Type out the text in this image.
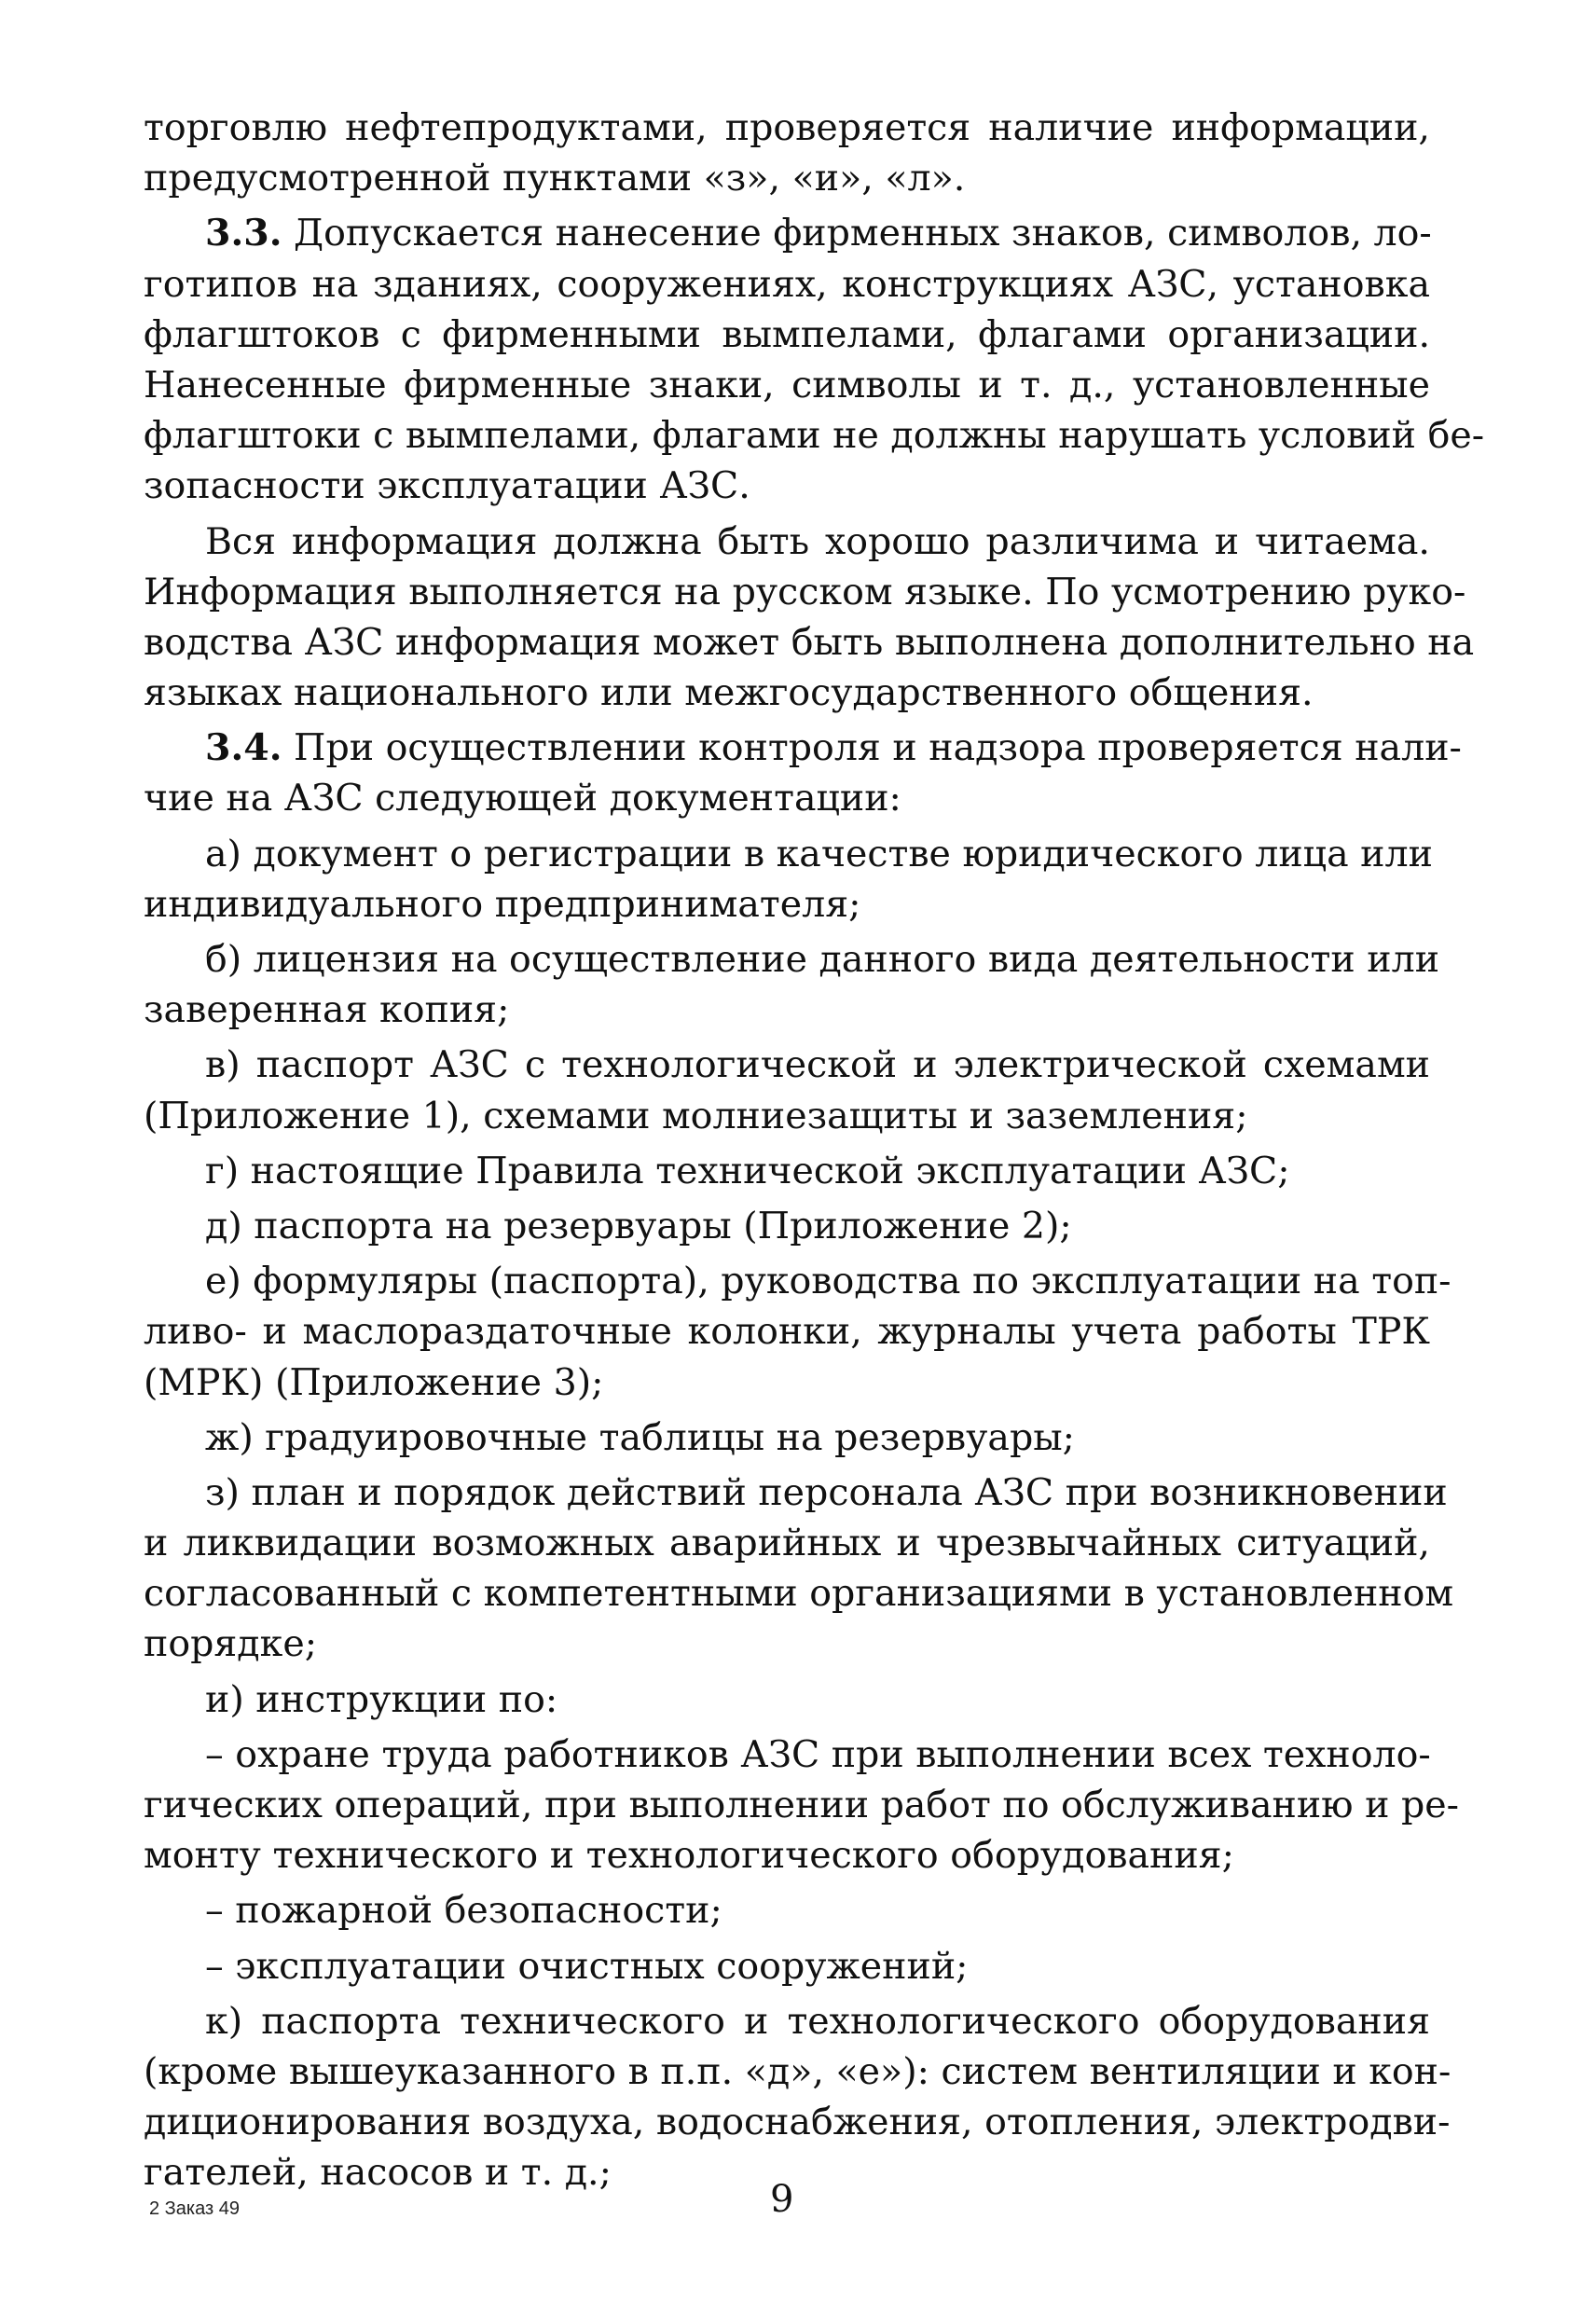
торговлю нефтепродуктами, проверяется наличие информации,
предусмотренной пунктами «з», «и», «л».
3.3. Допускается нанесение фирменных знаков, символов, ло-
готипов на зданиях, сооружениях, конструкциях АЗС, установка
флагштоков с фирменными вымпелами, флагами организации.
Нанесенные фирменные знаки, символы и т. д., установленные
флагштоки с вымпелами, флагами не должны нарушать условий бе-
зопасности эксплуатации АЗС.
Вся информация должна быть хорошо различима и читаема.
Информация выполняется на русском языке. По усмотрению руко-
водства АЗС информация может быть выполнена дополнительно на
языках национального или межгосударственного общения.
3.4. При осуществлении контроля и надзора проверяется нали-
чие на АЗС следующей документации:
а) документ о регистрации в качестве юридического лица или
индивидуального предпринимателя;
б) лицензия на осуществление данного вида деятельности или
заверенная копия;
в) паспорт АЗС с технологической и электрической схемами
(Приложение 1), схемами молниезащиты и заземления;
г) настоящие Правила технической эксплуатации АЗС;
д) паспорта на резервуары (Приложение 2);
е) формуляры (паспорта), руководства по эксплуатации на топ-
ливо- и маслораздаточные колонки, журналы учета работы ТРК
(МРК) (Приложение 3);
ж) градуировочные таблицы на резервуары;
з) план и порядок действий персонала АЗС при возникновении
и ликвидации возможных аварийных и чрезвычайных ситуаций,
согласованный с компетентными организациями в установленном
порядке;
и) инструкции по:
– охране труда работников АЗС при выполнении всех техноло-
гических операций, при выполнении работ по обслуживанию и ре-
монту технического и технологического оборудования;
– пожарной безопасности;
– эксплуатации очистных сооружений;
к) паспорта технического и технологического оборудования
(кроме вышеуказанного в п.п. «д», «е»): систем вентиляции и кон-
диционирования воздуха, водоснабжения, отопления, электродви-
гателей, насосов и т. д.;
2 Заказ 49	9
